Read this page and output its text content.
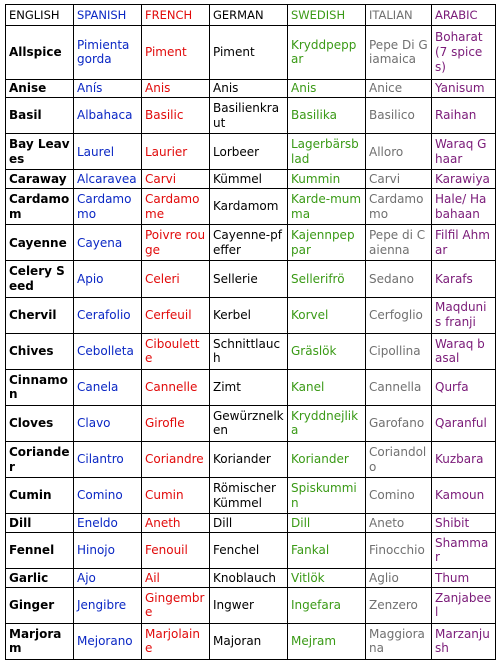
ENGLISH	SPANISH	FRENCH	GERMAN	SWEDISH	ITALIAN	ARABIC
Allspice	Pimienta gorda	Piment	Piment	Kryddpeppar	Pepe Di Giamaica	Boharat (7 spices)
Anise	Anís	Anis	Anis	Anis	Anice	Yanisum
Basil	Albahaca	Basilic	Basilienkraut	Basilika	Basilico	Raihan
Bay Leaves	Laurel	Laurier	Lorbeer	Lagerbärsblad	Alloro	Waraq Ghaar
Caraway	Alcaravea	Carvi	Kümmel	Kummin	Carvi	Karawiya
Cardamom	Cardamomo	Cardamome	Kardamom	Karde-mumma	Cardamomo	Hale/ Habahaan
Cayenne	Cayena	Poivre rouge	Cayenne-pfeffer	Kajennpeppar	Pepe di Caienna	Filfil Ahmar
Celery Seed	Apio	Celeri	Sellerie	Sellerifrö	Sedano	Karafs
Chervil	Cerafolio	Cerfeuil	Kerbel	Korvel	Cerfoglio	Maqdunis franji
Chives	Cebolleta	Ciboulette	Schnittlauch	Gräslök	Cipollina	Waraq basal
Cinnamon	Canela	Cannelle	Zimt	Kanel	Cannella	Qurfa
Cloves	Clavo	Girofle	Gewürznelken	Kryddnejlika	Garofano	Qaranful
Coriander	Cilantro	Coriandre	Koriander	Koriander	Coriandolo	Kuzbara
Cumin	Comino	Cumin	Römischer Kümmel	Spiskummin	Comino	Kamoun
Dill	Eneldo	Aneth	Dill	Dill	Aneto	Shibit
Fennel	Hinojo	Fenouil	Fenchel	Fankal	Finocchio	Shammar
Garlic	Ajo	Ail	Knoblauch	Vitlök	Aglio	Thum
Ginger	Jengibre	Gingembre	Ingwer	Ingefara	Zenzero	Zanjabeel
Marjoram	Mejorano	Marjolaine	Majoran	Mejram	Maggiorana	Marzanjush
